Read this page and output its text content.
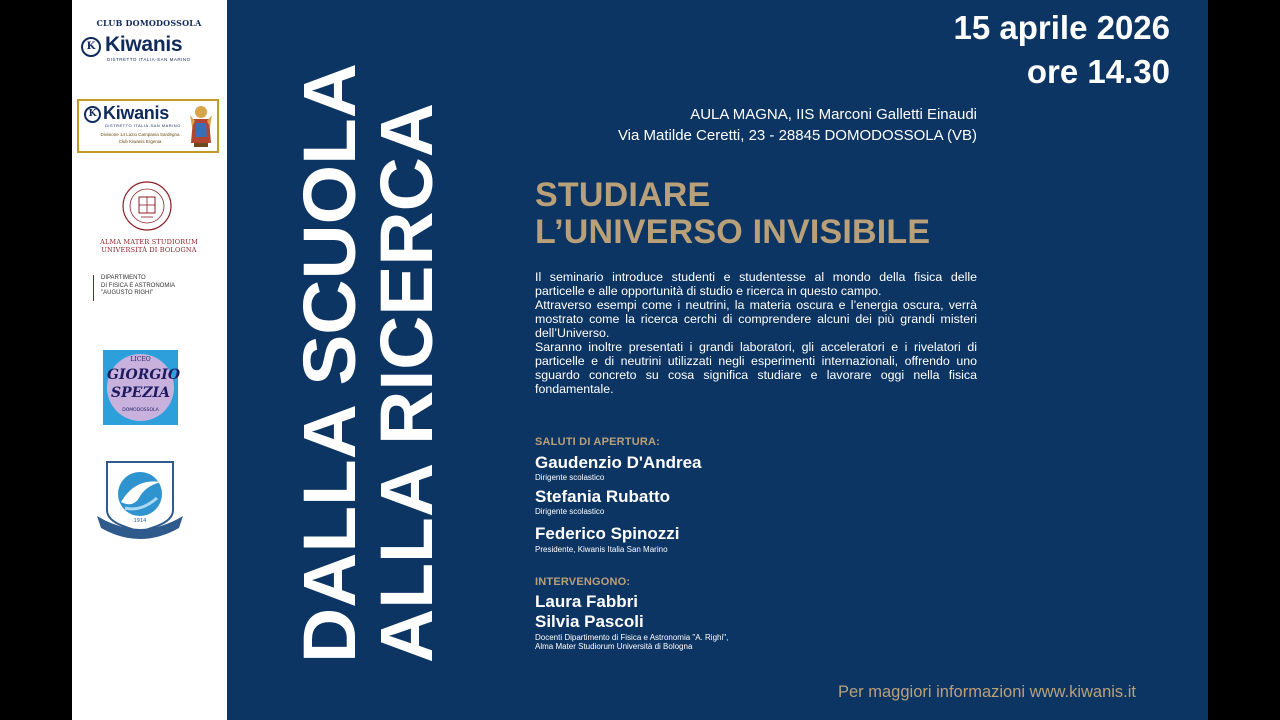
CLUB DOMODOSSOLA
K Kiwanis
DISTRETTO ITALIA-SAN MARINO
K Kiwanis
DISTRETTO ITALIA-SAN MARINO
Divisione 14 Lazio Campania Sardegna
Club Kiwanis Ergenia
ALMA MATER STUDIORUM
UNIVERSITÀ DI BOLOGNA
DIPARTIMENTO
DI FISICA E ASTRONOMIA
"AUGUSTO RIGHI"
LICEO
GIORGIO SPEZIA
DOMODOSSOLA
1914 DALLA SCUOLA
ALLA RICERCA
15 aprile 2026
ore 14.30
AULA MAGNA, IIS Marconi Galletti Einaudi
Via Matilde Ceretti, 23 - 28845 DOMODOSSOLA (VB)
STUDIARE
L’UNIVERSO INVISIBILE

Il seminario introduce studenti e studentesse al mondo della fisica delle particelle e alle opportunità di studio e ricerca in questo campo.

Attraverso esempi come i neutrini, la materia oscura e l’energia oscura, verrà mostrato come la ricerca cerchi di comprendere alcuni dei più grandi misteri dell’Universo.

Saranno inoltre presentati i grandi laboratori, gli acceleratori e i rivelatori di particelle e di neutrini utilizzati negli esperimenti internazionali, offrendo uno sguardo concreto su cosa significa studiare e lavorare oggi nella fisica fondamentale.

SALUTI DI APERTURA:
Gaudenzio D'Andrea
Dirigente scolastico
Stefania Rubatto
Dirigente scolastico
Federico Spinozzi
Presidente, Kiwanis Italia San Marino
INTERVENGONO:
Laura Fabbri
Silvia Pascoli
Docenti Dipartimento di Fisica e Astronomia "A. Righi",
Alma Mater Studiorum Università di Bologna
Per maggiori informazioni www.kiwanis.it
